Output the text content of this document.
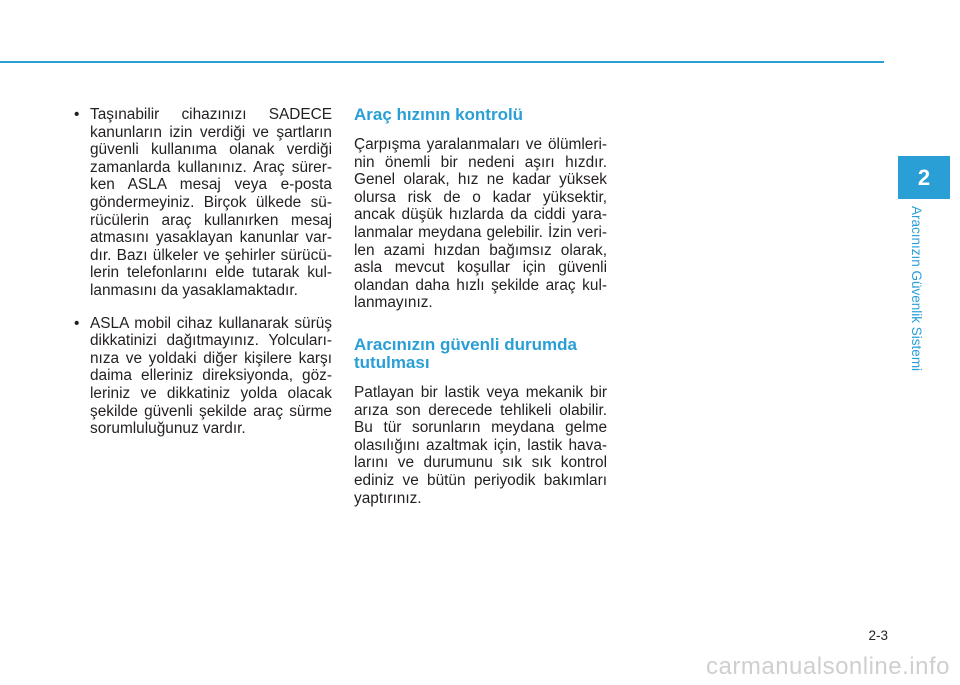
• Taşınabilir cihazınızı SADECE kanunların izin verdiği ve şartların güvenli kullanıma olanak verdiği zamanlarda kullanınız. Araç sürer-ken ASLA mesaj veya e-posta göndermeyiniz. Birçok ülkede sü-rücülerin araç kullanırken mesaj atmasını yasaklayan kanunlar var-dır. Bazı ülkeler ve şehirler sürücü-lerin telefonlarını elde tutarak kul-lanmasını da yasaklamaktadır.
• ASLA mobil cihaz kullanarak sürüş dikkatinizi dağıtmayınız. Yolcuları-nıza ve yoldaki diğer kişilere karşı daima elleriniz direksiyonda, göz-leriniz ve dikkatiniz yolda olacak şekilde güvenli şekilde araç sürme sorumluluğunuz vardır.
Araç hızının kontrolü

Çarpışma yaralanmaları ve ölümleri-nin önemli bir nedeni aşırı hızdır. Genel olarak, hız ne kadar yüksek olursa risk de o kadar yüksektir, ancak düşük hızlarda da ciddi yara-lanmalar meydana gelebilir. İzin veri-len azami hızdan bağımsız olarak, asla mevcut koşullar için güvenli olandan daha hızlı şekilde araç kul-lanmayınız.

Aracınızın güvenli durumda tutulması

Patlayan bir lastik veya mekanik bir arıza son derecede tehlikeli olabilir. Bu tür sorunların meydana gelme olasılığını azaltmak için, lastik hava-larını ve durumunu sık sık kontrol ediniz ve bütün periyodik bakımları yaptırınız.

2
Aracınızın Güvenlik Sistemi
2-3
carmanualsonline.info
